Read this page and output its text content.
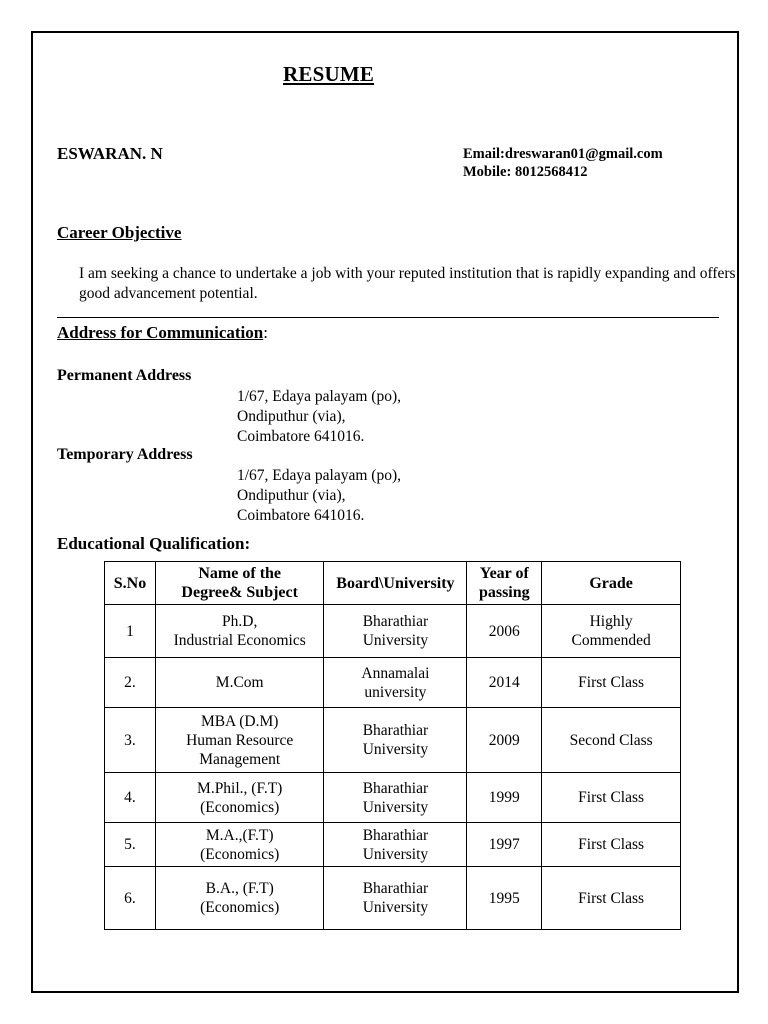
RESUME
ESWARAN. N	Email:dreswaran01@gmail.com
Mobile: 8012568412
Career Objective
I am seeking a chance to undertake a job with your reputed institution that is rapidly expanding and offers good advancement potential.
Address for Communication:
Permanent Address
1/67, Edaya palayam (po),
Ondiputhur (via),
Coimbatore 641016.
Temporary Address
1/67, Edaya palayam (po),
Ondiputhur (via),
Coimbatore 641016.
Educational Qualification:
S.No	Name of the
Degree& Subject	Board\University	Year of
passing	Grade
1	Ph.D,
Industrial Economics	Bharathiar
University	2006	Highly
Commended

2.	M.Com	Annamalai
university	2014	First Class
3.	MBA (D.M)
Human Resource
Management	Bharathiar
University	2009	Second Class
4.	M.Phil., (F.T)
(Economics)	Bharathiar
University	1999	First Class
5.	M.A.,(F.T)
(Economics)	Bharathiar
University	1997	First Class
6.	B.A., (F.T)
(Economics)	Bharathiar
University	1995	First Class
